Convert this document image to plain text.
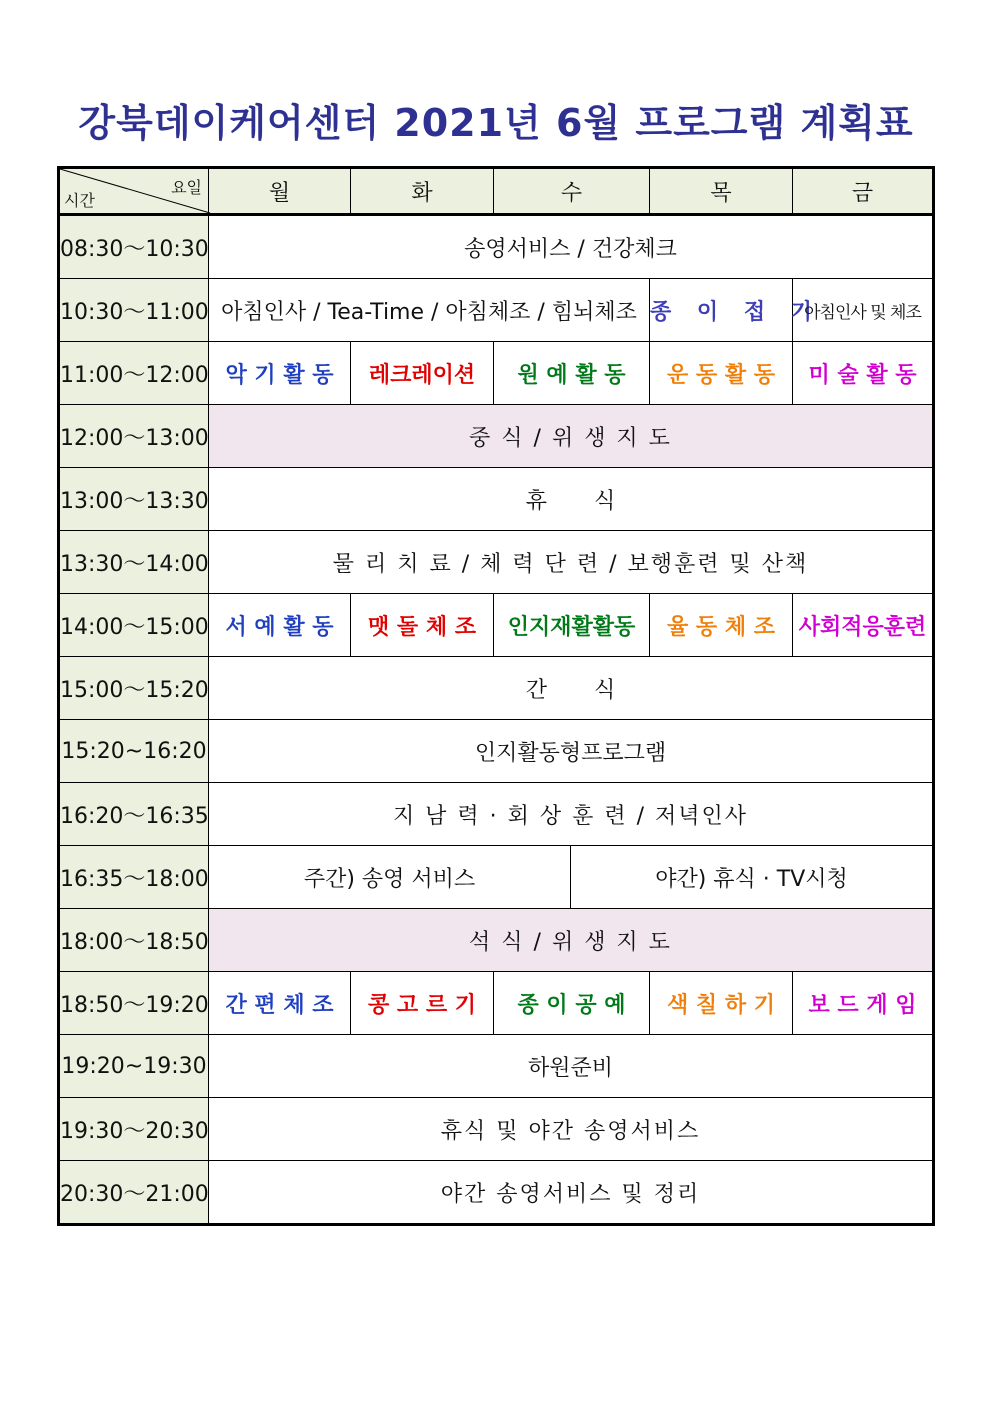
강북데이케어센터 2021년 6월 프로그램 계획표
요일
시간	월	화	수	목	금
08:30～10:30	송영서비스 / 건강체크				
10:30～11:00	아침인사 / Tea-Time / 아침체조 / 힘뇌체조			종 이 접 기	아침인사 및 체조
11:00～12:00	악 기 활 동	레크레이션	원 예 활 동	운 동 활 동	미 술 활 동
12:00～13:00	중 식 / 위 생 지 도				
13:00～13:30	휴 식				
13:30～14:00	물 리 치 료 / 체 력 단 련 / 보행훈련 및 산책				
14:00～15:00	서 예 활 동	맷 돌 체 조	인지재활활동	율 동 체 조	사회적응훈련
15:00～15:20	간 식				
15:20~16:20	인지활동형프로그램				
16:20～16:35	지 남 력 · 회 상 훈 련 / 저녁인사				
16:35～18:00	주간) 송영 서비스 야간) 휴식 · TV시청				

18:00～18:50	석 식 / 위 생 지 도				
18:50～19:20	간 편 체 조	콩 고 르 기	종 이 공 예	색 칠 하 기	보 드 게 임
19:20~19:30	하원준비				
19:30～20:30	휴식 및 야간 송영서비스				
20:30～21:00	야간 송영서비스 및 정리				
